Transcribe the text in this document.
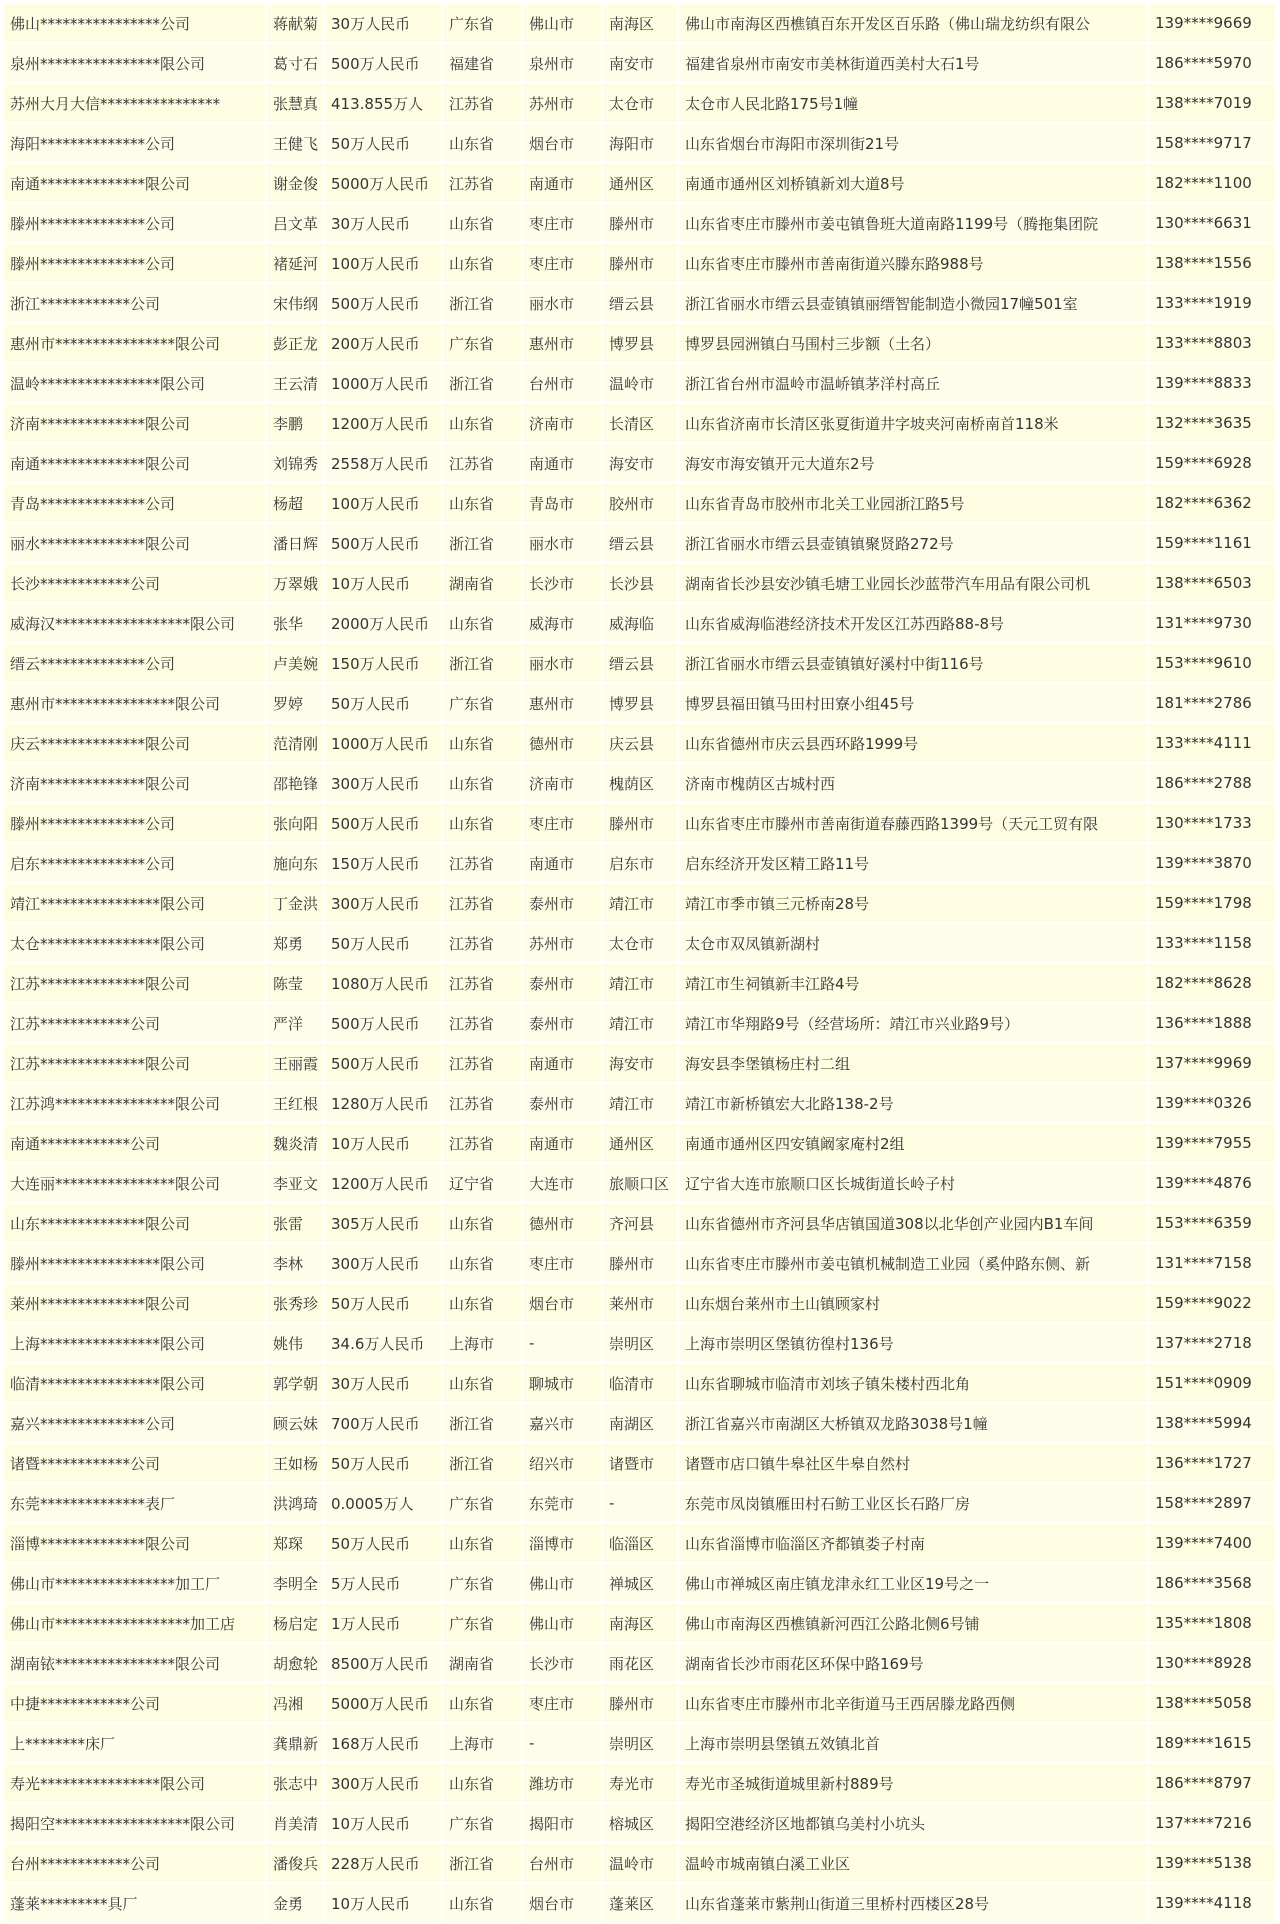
佛山****************公司	蒋献菊	30万人民币	广东省	佛山市	南海区	佛山市南海区西樵镇百东开发区百乐路（佛山瑞龙纺织有限公	139****9669
泉州****************限公司	葛寸石	500万人民币	福建省	泉州市	南安市	福建省泉州市南安市美林街道西美村大石1号	186****5970
苏州大月大信****************	张慧真	413.855万人	江苏省	苏州市	太仓市	太仓市人民北路175号1幢	138****7019
海阳**************公司	王健飞	50万人民币	山东省	烟台市	海阳市	山东省烟台市海阳市深圳街21号	158****9717
南通**************限公司	谢金俊	5000万人民币	江苏省	南通市	通州区	南通市通州区刘桥镇新刘大道8号	182****1100
滕州**************公司	吕文革	30万人民币	山东省	枣庄市	滕州市	山东省枣庄市滕州市姜屯镇鲁班大道南路1199号（腾拖集团院	130****6631
滕州**************公司	褚延河	100万人民币	山东省	枣庄市	滕州市	山东省枣庄市滕州市善南街道兴滕东路988号	138****1556
浙江************公司	宋伟纲	500万人民币	浙江省	丽水市	缙云县	浙江省丽水市缙云县壶镇镇丽缙智能制造小微园17幢501室	133****1919
惠州市****************限公司	彭正龙	200万人民币	广东省	惠州市	博罗县	博罗县园洲镇白马围村三步额（土名）	133****8803
温岭****************限公司	王云清	1000万人民币	浙江省	台州市	温岭市	浙江省台州市温岭市温峤镇茅洋村高丘	139****8833
济南**************限公司	李鹏	1200万人民币	山东省	济南市	长清区	山东省济南市长清区张夏街道井字坡夹河南桥南首118米	132****3635
南通**************限公司	刘锦秀	2558万人民币	江苏省	南通市	海安市	海安市海安镇开元大道东2号	159****6928
青岛**************公司	杨超	100万人民币	山东省	青岛市	胶州市	山东省青岛市胶州市北关工业园浙江路5号	182****6362
丽水**************限公司	潘日辉	500万人民币	浙江省	丽水市	缙云县	浙江省丽水市缙云县壶镇镇聚贤路272号	159****1161
长沙************公司	万翠娥	10万人民币	湖南省	长沙市	长沙县	湖南省长沙县安沙镇毛塘工业园长沙蓝带汽车用品有限公司机	138****6503
威海汉******************限公司	张华	2000万人民币	山东省	威海市	威海临	山东省威海临港经济技术开发区江苏西路88-8号	131****9730
缙云**************公司	卢美婉	150万人民币	浙江省	丽水市	缙云县	浙江省丽水市缙云县壶镇镇好溪村中街116号	153****9610
惠州市****************限公司	罗婷	50万人民币	广东省	惠州市	博罗县	博罗县福田镇马田村田寮小组45号	181****2786
庆云**************限公司	范清刚	1000万人民币	山东省	德州市	庆云县	山东省德州市庆云县西环路1999号	133****4111
济南**************限公司	邵艳锋	300万人民币	山东省	济南市	槐荫区	济南市槐荫区古城村西	186****2788
滕州**************公司	张向阳	500万人民币	山东省	枣庄市	滕州市	山东省枣庄市滕州市善南街道春藤西路1399号（天元工贸有限	130****1733
启东**************公司	施向东	150万人民币	江苏省	南通市	启东市	启东经济开发区精工路11号	139****3870
靖江****************限公司	丁金洪	300万人民币	江苏省	泰州市	靖江市	靖江市季市镇三元桥南28号	159****1798
太仓****************限公司	郑勇	50万人民币	江苏省	苏州市	太仓市	太仓市双凤镇新湖村	133****1158
江苏**************限公司	陈莹	1080万人民币	江苏省	泰州市	靖江市	靖江市生祠镇新丰江路4号	182****8628
江苏************公司	严洋	500万人民币	江苏省	泰州市	靖江市	靖江市华翔路9号（经营场所：靖江市兴业路9号）	136****1888
江苏**************限公司	王丽霞	500万人民币	江苏省	南通市	海安市	海安县李堡镇杨庄村二组	137****9969
江苏鸿****************限公司	王红根	1280万人民币	江苏省	泰州市	靖江市	靖江市新桥镇宏大北路138-2号	139****0326
南通************公司	魏炎清	10万人民币	江苏省	南通市	通州区	南通市通州区四安镇阚家庵村2组	139****7955
大连丽****************限公司	李亚文	1200万人民币	辽宁省	大连市	旅顺口区	辽宁省大连市旅顺口区长城街道长岭子村	139****4876
山东**************限公司	张雷	305万人民币	山东省	德州市	齐河县	山东省德州市齐河县华店镇国道308以北华创产业园内B1车间	153****6359
滕州****************限公司	李林	300万人民币	山东省	枣庄市	滕州市	山东省枣庄市滕州市姜屯镇机械制造工业园（奚仲路东侧、新	131****7158
莱州**************限公司	张秀珍	50万人民币	山东省	烟台市	莱州市	山东烟台莱州市土山镇顾家村	159****9022
上海****************限公司	姚伟	34.6万人民币	上海市	-	崇明区	上海市崇明区堡镇彷徨村136号	137****2718
临清****************限公司	郭学朝	30万人民币	山东省	聊城市	临清市	山东省聊城市临清市刘垓子镇朱楼村西北角	151****0909
嘉兴**************公司	顾云妹	700万人民币	浙江省	嘉兴市	南湖区	浙江省嘉兴市南湖区大桥镇双龙路3038号1幢	138****5994
诸暨************公司	王如杨	50万人民币	浙江省	绍兴市	诸暨市	诸暨市店口镇牛皋社区牛皋自然村	136****1727
东莞**************表厂	洪鸿琦	0.0005万人	广东省	东莞市	-	东莞市凤岗镇雁田村石鲂工业区长石路厂房	158****2897
淄博**************限公司	郑琛	50万人民币	山东省	淄博市	临淄区	山东省淄博市临淄区齐都镇娄子村南	139****7400
佛山市****************加工厂	李明全	5万人民币	广东省	佛山市	禅城区	佛山市禅城区南庄镇龙津永红工业区19号之一	186****3568
佛山市******************加工店	杨启定	1万人民币	广东省	佛山市	南海区	佛山市南海区西樵镇新河西江公路北侧6号铺	135****1808
湖南铱****************限公司	胡愈轮	8500万人民币	湖南省	长沙市	雨花区	湖南省长沙市雨花区环保中路169号	130****8928
中捷************公司	冯湘	5000万人民币	山东省	枣庄市	滕州市	山东省枣庄市滕州市北辛街道马王西居滕龙路西侧	138****5058
上********床厂	龚鼎新	168万人民币	上海市	-	崇明区	上海市崇明县堡镇五效镇北首	189****1615
寿光****************限公司	张志中	300万人民币	山东省	潍坊市	寿光市	寿光市圣城街道城里新村889号	186****8797
揭阳空******************限公司	肖美清	10万人民币	广东省	揭阳市	榕城区	揭阳空港经济区地都镇乌美村小坑头	137****7216
台州************公司	潘俊兵	228万人民币	浙江省	台州市	温岭市	温岭市城南镇白溪工业区	139****5138
蓬莱*********具厂	金勇	10万人民币	山东省	烟台市	蓬莱区	山东省蓬莱市紫荆山街道三里桥村西楼区28号	139****4118
